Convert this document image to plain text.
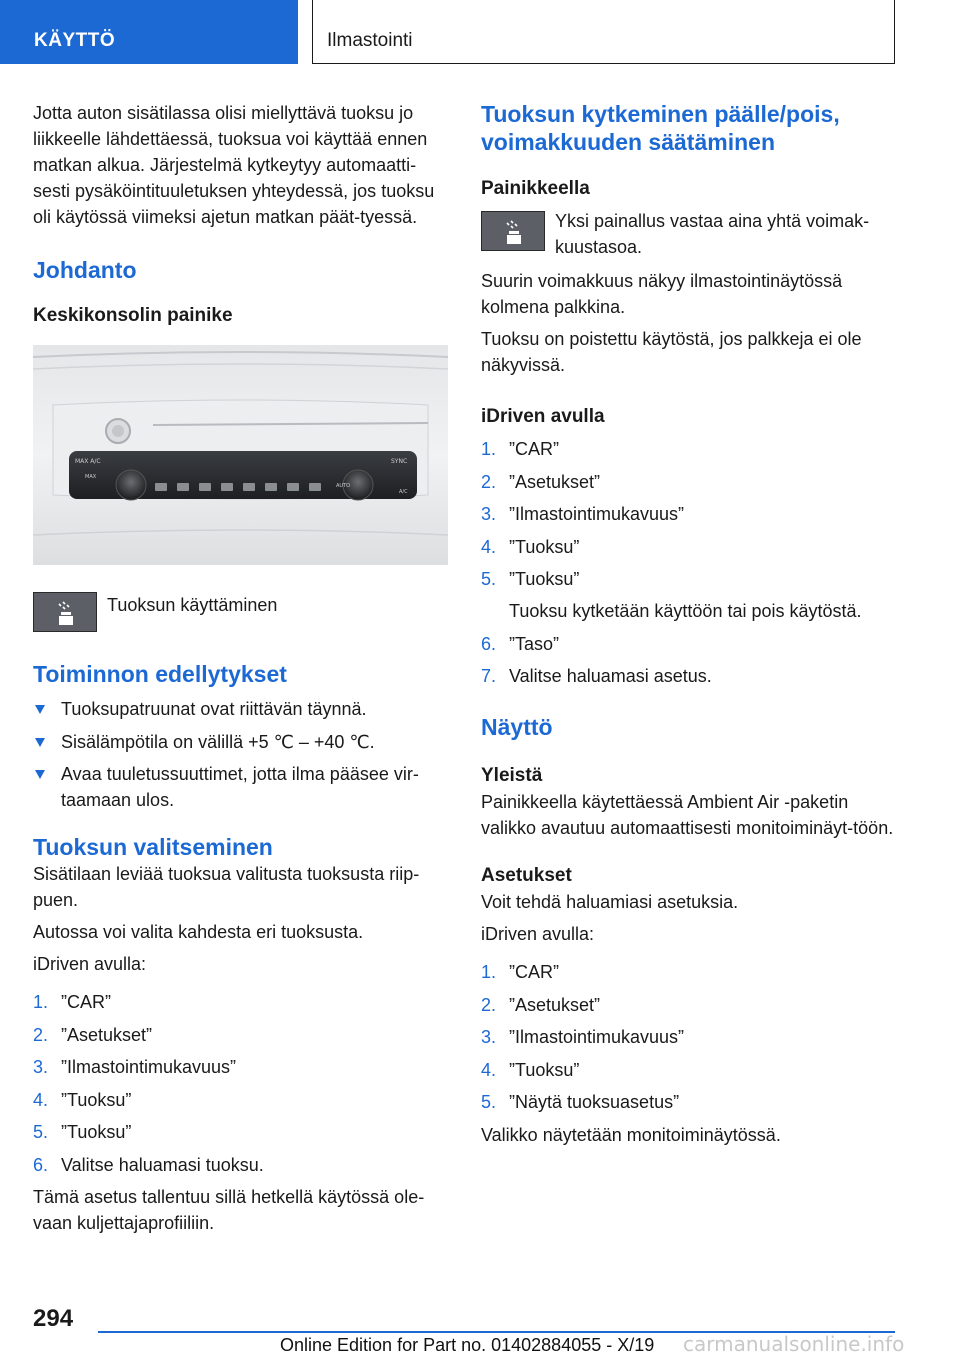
KÄYTTÖ	Ilmastointi

Jotta auton sisätilassa olisi miellyttävä tuoksu jo liikkeelle lähdettäessä, tuoksua voi käyttää ennen matkan alkua. Järjestelmä kytkeytyy automaatti‐sesti pysäköintituuletuksen yhteydessä, jos tuoksu oli käytössä viimeksi ajetun matkan päät‐tyessä.

Johdanto
Keskikonsolin painike
MAX A/C
MAX
AUTO
SYNC
A/C
Tuoksun käyttäminen
Toiminnon edellytykset
Tuoksupatruunat ovat riittävän täynnä.
Sisälämpötila on välillä +5 ℃ – +40 ℃.
Avaa tuuletussuuttimet, jotta ilma pääsee vir‐taamaan ulos.
Tuoksun valitseminen

Sisätilaan leviää tuoksua valitusta tuoksusta riip‐puen.

Autossa voi valita kahdesta eri tuoksusta.

iDriven avulla:

1. ”CAR”
2. ”Asetukset”
3. ”Ilmastointimukavuus”
4. ”Tuoksu”
5. ”Tuoksu”
6. Valitse haluamasi tuoksu.

Tämä asetus tallentuu sillä hetkellä käytössä ole‐vaan kuljettajaprofiiliin.

Tuoksun kytkeminen päälle/pois, voimakkuuden säätäminen
Painikkeella
Yksi painallus vastaa aina yhtä voimak‐kuustasoa.

Suurin voimakkuus näkyy ilmastointinäytössä kolmena palkkina.

Tuoksu on poistettu käytöstä, jos palkkeja ei ole näkyvissä.

iDriven avulla
1. ”CAR”
2. ”Asetukset”
3. ”Ilmastointimukavuus”
4. ”Tuoksu”
5. ”Tuoksu”
Tuoksu kytketään käyttöön tai pois käytöstä.
6. ”Taso”
7. Valitse haluamasi asetus.
Näyttö
Yleistä

Painikkeella käytettäessä Ambient Air -paketin valikko avautuu automaattisesti monitoiminäyt‐töön.

Asetukset

Voit tehdä haluamiasi asetuksia.

iDriven avulla:

1. ”CAR”
2. ”Asetukset”
3. ”Ilmastointimukavuus”
4. ”Tuoksu”
5. ”Näytä tuoksuasetus”

Valikko näytetään monitoiminäytössä.

294
Online Edition for Part no. 01402884055 - X/19 carmanualsonline.info
